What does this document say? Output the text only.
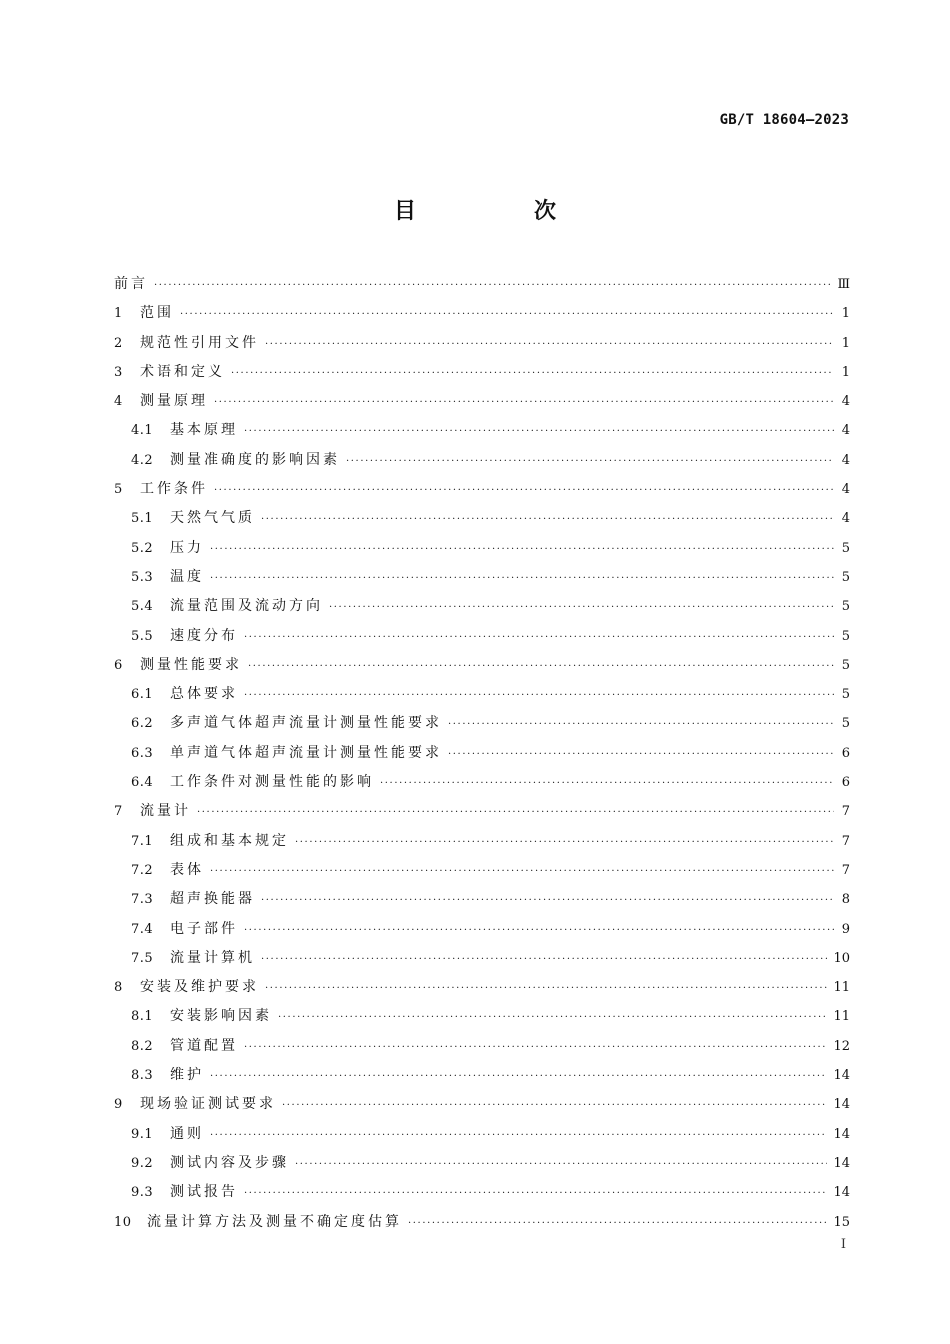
GB/T 18604—2023
目　次
前言 ·····	Ⅲ
1	范围 ·····	1
2	规范性引用文件 ·····	1
3	术语和定义 ·····	1
4	测量原理 ·····	4
4.1	基本原理 ·····	4
4.2	测量准确度的影响因素 ·····	4
5	工作条件 ·····	4
5.1	天然气气质 ·····	4
5.2	压力 ·····	5
5.3	温度 ·····	5
5.4	流量范围及流动方向 ·····	5
5.5	速度分布 ·····	5
6	测量性能要求 ·····	5
6.1	总体要求 ·····	5
6.2	多声道气体超声流量计测量性能要求 ·····	5
6.3	单声道气体超声流量计测量性能要求 ·····	6
6.4	工作条件对测量性能的影响 ·····	6
7	流量计 ·····	7
7.1	组成和基本规定 ·····	7
7.2	表体 ·····	7
7.3	超声换能器 ·····	8
7.4	电子部件 ·····	9
7.5	流量计算机 ·····	10
8	安装及维护要求 ·····	11
8.1	安装影响因素 ·····	11
8.2	管道配置 ·····	12
8.3	维护 ·····	14
9	现场验证测试要求 ·····	14
9.1	通则 ·····	14
9.2	测试内容及步骤 ·····	14
9.3	测试报告 ·····	14
10	流量计算方法及测量不确定度估算 ·····	15
Ⅰ
